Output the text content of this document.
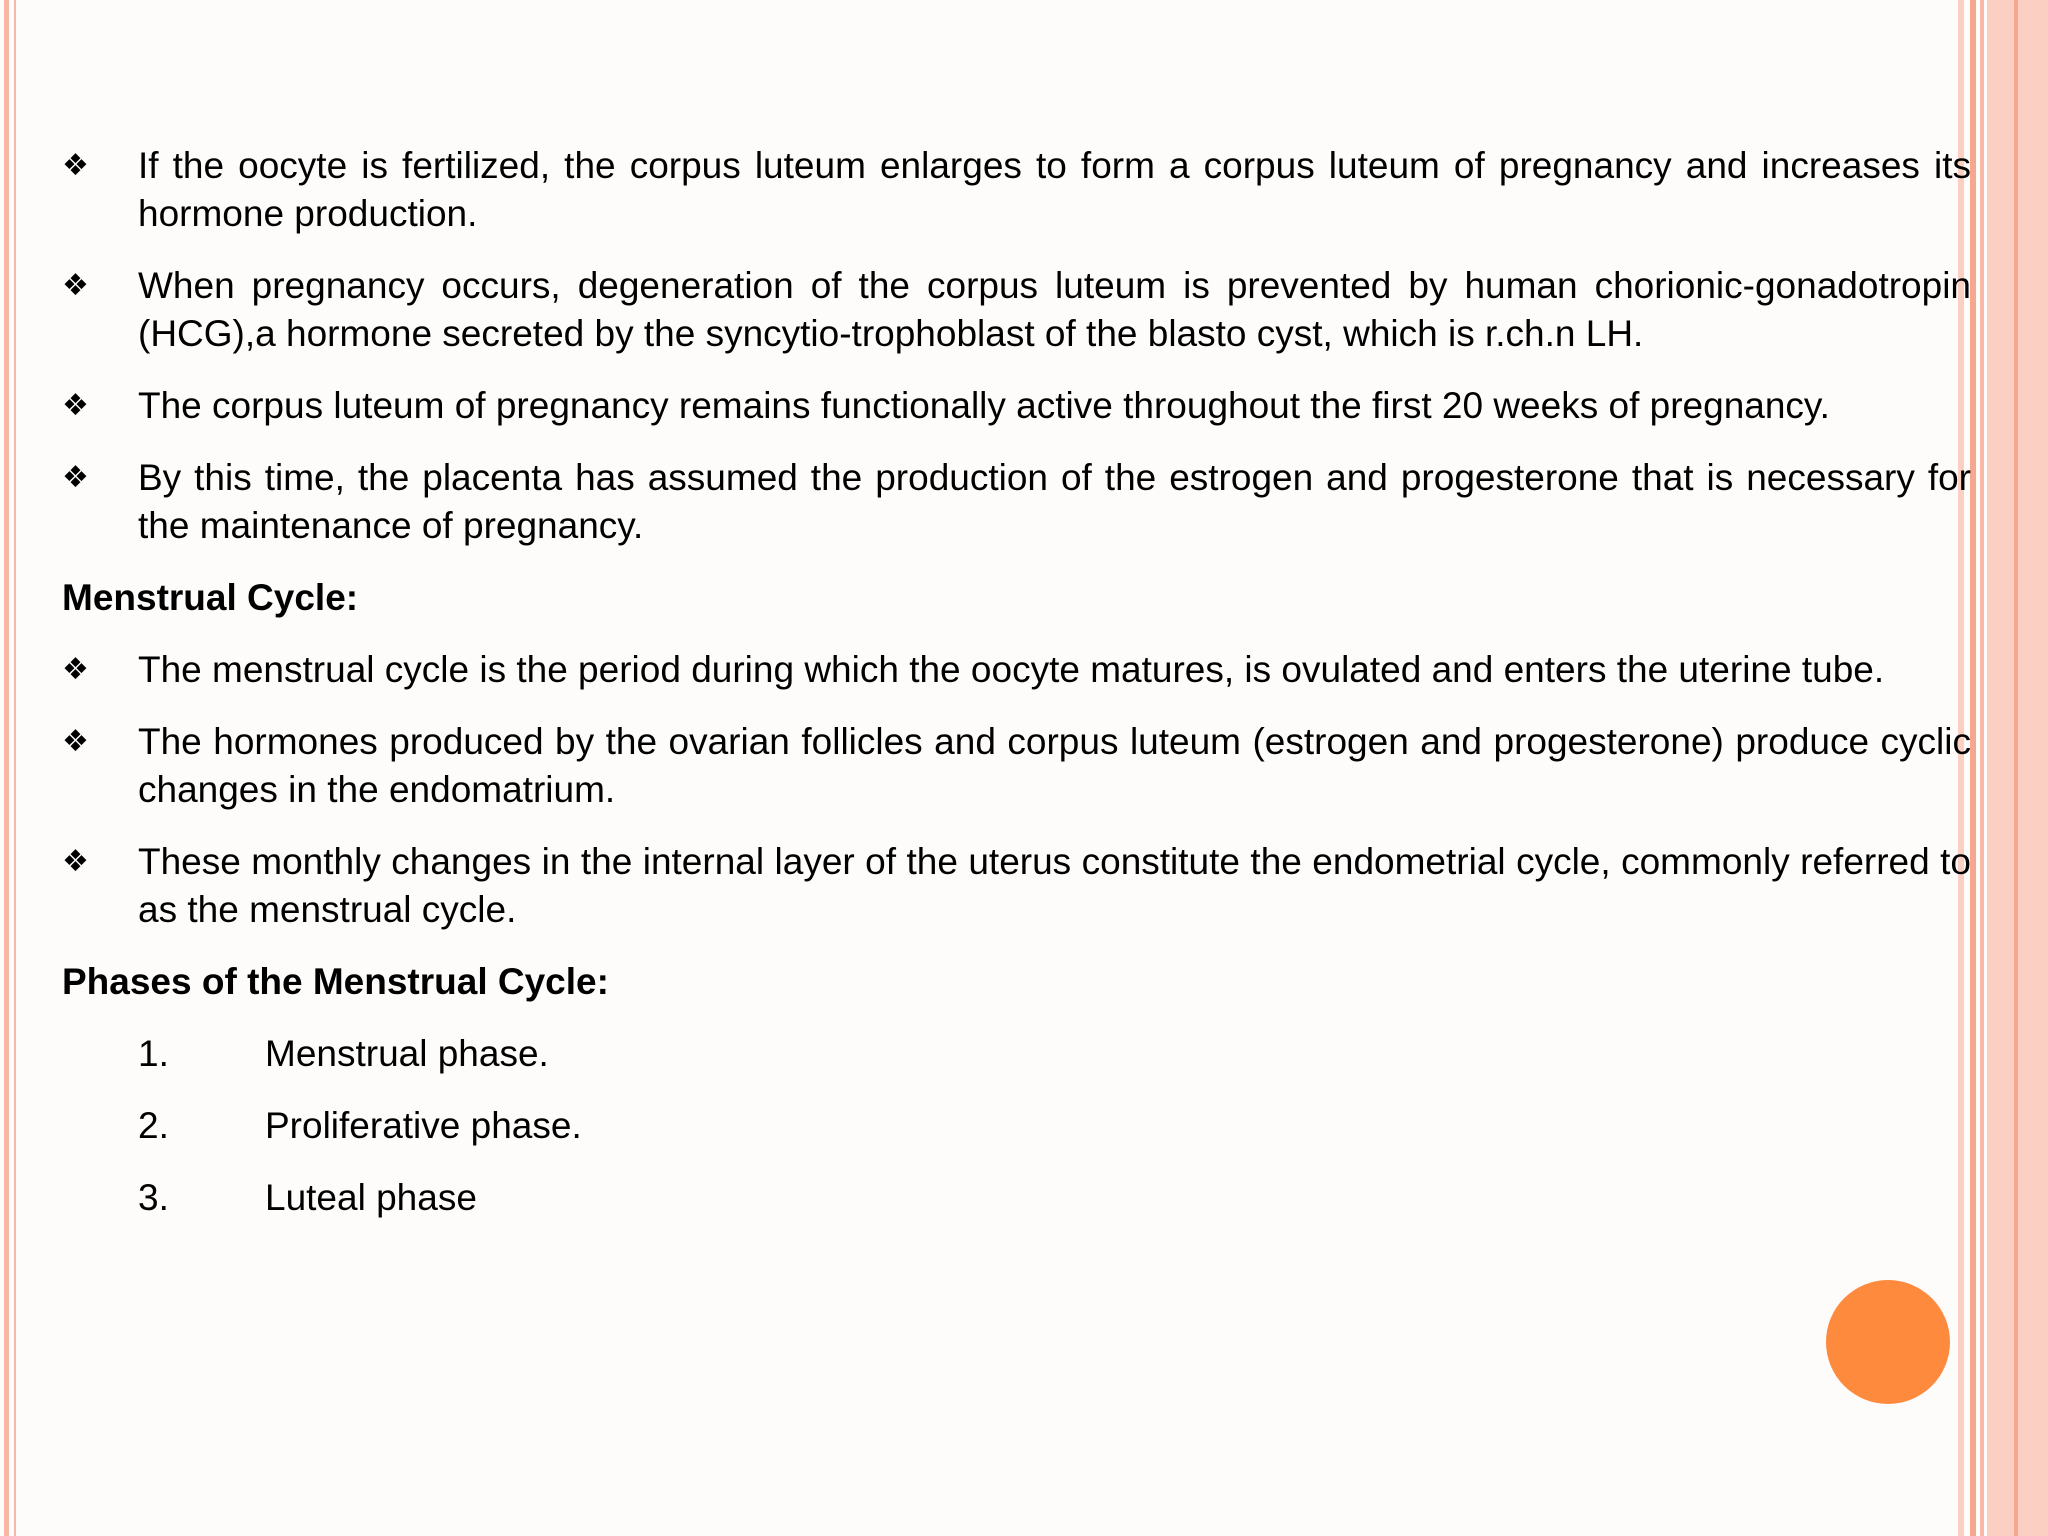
❖ If the oocyte is fertilized, the corpus luteum enlarges to form a corpus luteum of pregnancy and increases its hormone production.
❖ When pregnancy occurs, degeneration of the corpus luteum is prevented by human chorionic-gonadotropin (HCG),a hormone secreted by the syncytio-trophoblast of the blasto cyst, which is r.ch.n LH.
❖ The corpus luteum of pregnancy remains functionally active throughout the first 20 weeks of pregnancy.
❖ By this time, the placenta has assumed the production of the estrogen and progesterone that is necessary for the maintenance of pregnancy.
Menstrual Cycle:
❖ The menstrual cycle is the period during which the oocyte matures, is ovulated and enters the uterine tube.
❖ The hormones produced by the ovarian follicles and corpus luteum (estrogen and progesterone) produce cyclic changes in the endomatrium.
❖ These monthly changes in the internal layer of the uterus constitute the endometrial cycle, commonly referred to as the menstrual cycle.
Phases of the Menstrual Cycle:
1.	Menstrual phase.
2.	Proliferative phase.
3.	Luteal phase
